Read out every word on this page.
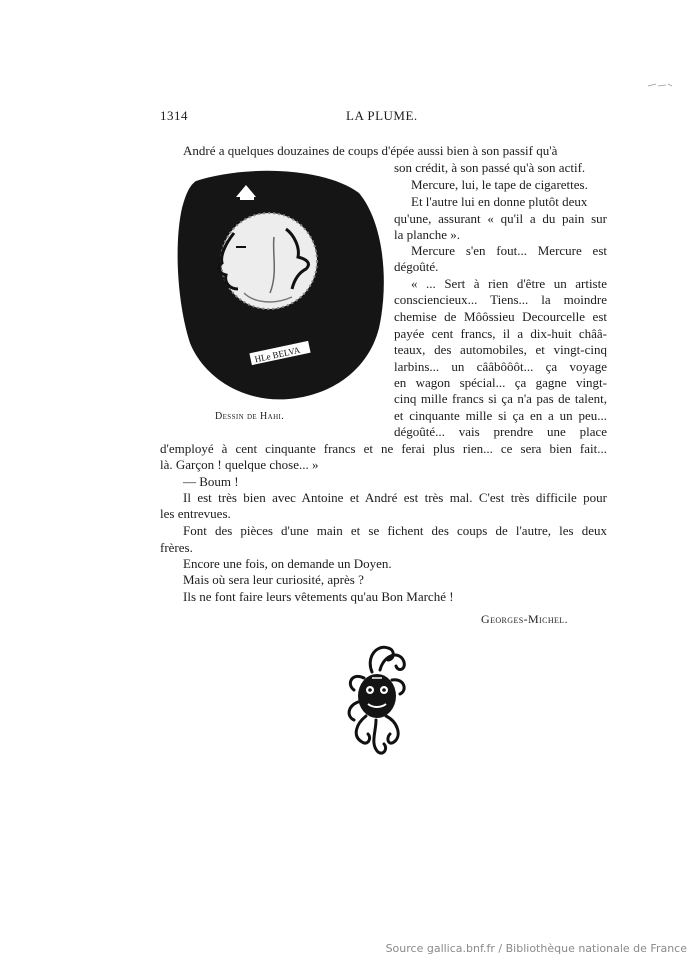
1314	LA PLUME.
HLe BELVA
Dessin de Hahi.
André a quelques douzaines de coups d'épée aussi bien à son passif qu'à
son crédit, à son passé qu'à son actif.
Mercure, lui, le tape de cigarettes.
Et l'autre lui en donne plutôt deux
qu'une, assurant « qu'il a du pain sur
la planche ».
Mercure s'en fout... Mercure est
dégoûté.
« ... Sert à rien d'être un artiste
consciencieux... Tiens... la moindre
chemise de Môôssieu Decourcelle est
payée cent francs, il a dix-huit chââ-
teaux, des automobiles, et vingt-cinq
larbins... un cââbôôôt... ça voyage
en wagon spécial... ça gagne vingt-
cinq mille francs si ça n'a pas de talent,
et cinquante mille si ça en a un peu...
dégoûté... vais prendre une place
d'employé à cent cinquante francs et ne ferai plus rien... ce sera bien fait...
là. Garçon ! quelque chose... »
— Boum !
Il est très bien avec Antoine et André est très mal. C'est très difficile pour
les entrevues.
Font des pièces d'une main et se fichent des coups de l'autre, les deux
frères.
Encore une fois, on demande un Doyen.
Mais où sera leur curiosité, après ?
Ils ne font faire leurs vêtements qu'au Bon Marché !
Georges-Michel.
Source gallica.bnf.fr / Bibliothèque nationale de France
